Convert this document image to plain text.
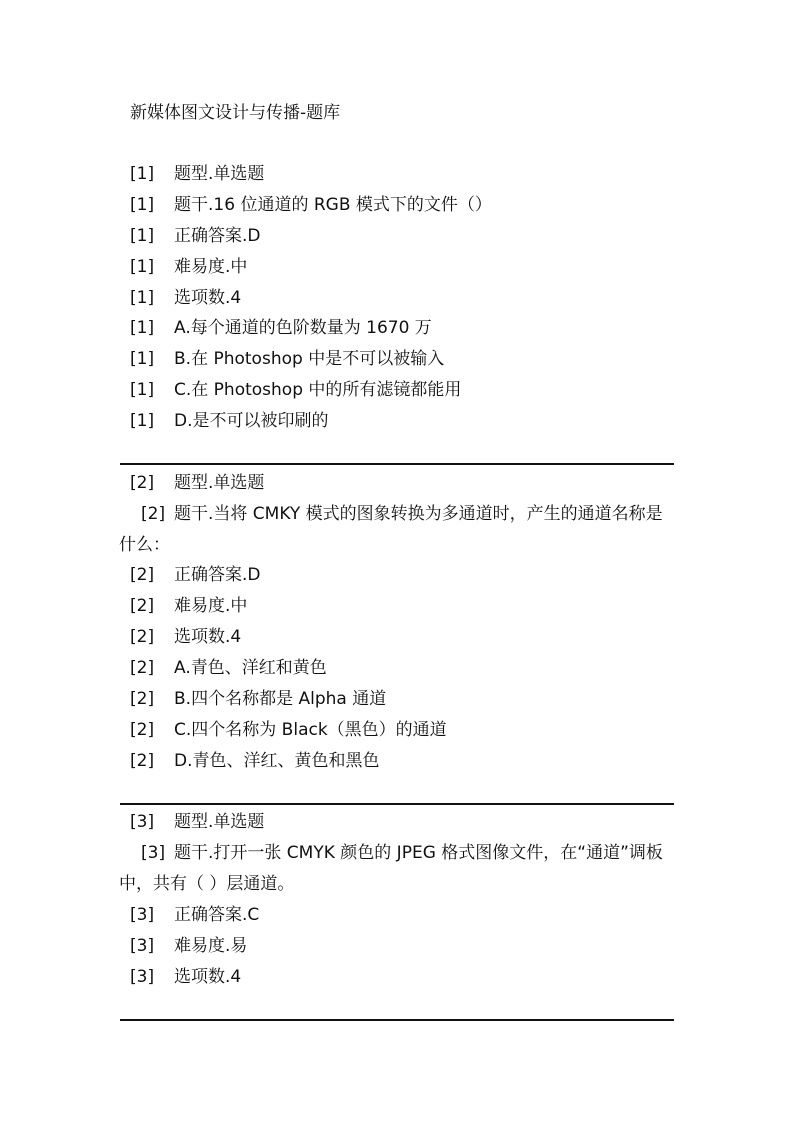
新媒体图文设计与传播-题库
[1] 题型.单选题
[1] 题干.16 位通道的 RGB 模式下的文件（）
[1] 正确答案.D
[1] 难易度.中
[1] 选项数.4
[1] A.每个通道的色阶数量为 1670 万
[1] B.在 Photoshop 中是不可以被输入
[1] C.在 Photoshop 中的所有滤镜都能用
[1] D.是不可以被印刷的
[2] 题型.单选题
[2] 题干.当将 CMKY 模式的图象转换为多通道时，产生的通道名称是什么：
[2] 正确答案.D
[2] 难易度.中
[2] 选项数.4
[2] A.青色、洋红和黄色
[2] B.四个名称都是 Alpha 通道
[2] C.四个名称为 Black（黑色）的通道
[2] D.青色、洋红、黄色和黑色
[3] 题型.单选题
[3] 题干.打开一张 CMYK 颜色的 JPEG 格式图像文件，在“通道”调板中，共有（ ）层通道。
[3] 正确答案.C
[3] 难易度.易
[3] 选项数.4
